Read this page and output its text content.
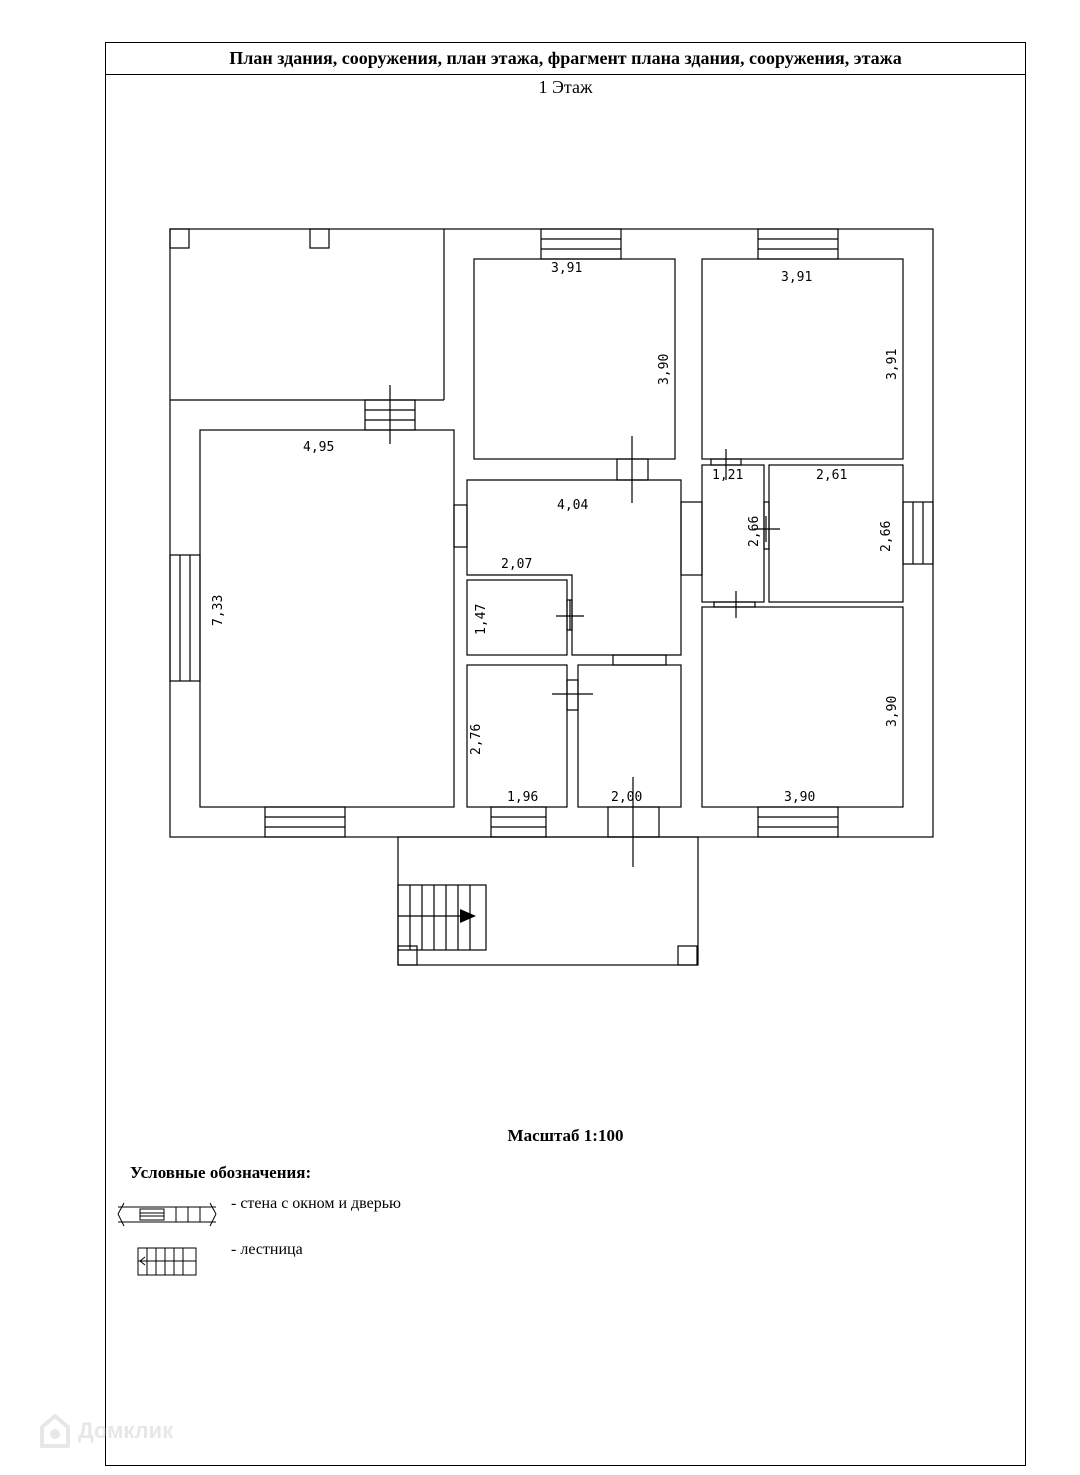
План здания, сооружения, план этажа, фрагмент плана здания, сооружения, этажа
1 Этаж
Масштаб 1:100
Условные обозначения:
- стена с окном и дверью
- лестница
3,91
3,90
3,91
3,91
4,95
7,33
4,04
2,07
1,47
1,21
2,66
2,61
2,66
2,76
1,96	2,00
3,90
3,90
Домклик
